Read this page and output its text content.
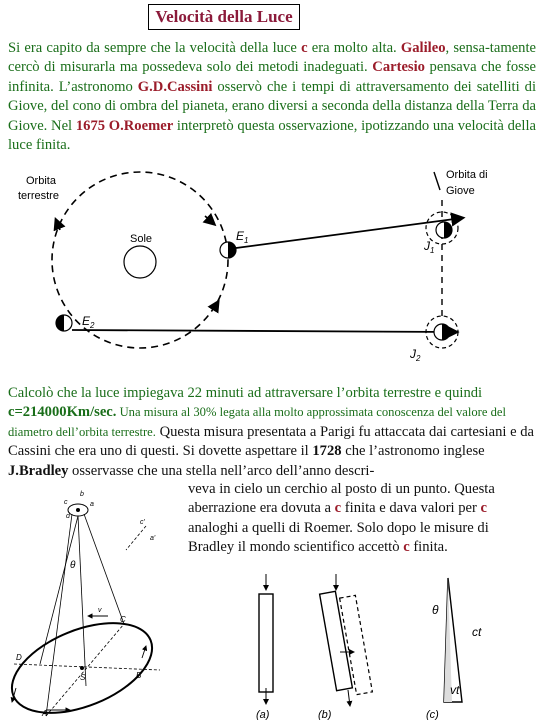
Velocità della Luce
Si era capito da sempre che la velocità della luce c era molto alta. Galileo, sensa-tamente cercò di misurarla ma possedeva solo dei metodi inadeguati. Cartesio pensava che fosse infinita. L’astronomo G.D.Cassini osservò che i tempi di attraversamento dei satelliti di Giove, del cono di ombra del pianeta, erano diversi a seconda della distanza della Terra da Giove. Nel 1675 O.Roemer interpretò questa osservazione, ipotizzando una velocità della luce finita.
Sole
Orbita
terrestre
$E_1$
$E_2$
Orbita di
Giove
$J_1$
$J_2$
Calcolò che la luce impiegava 22 minuti ad attraversare l’orbita terrestre e quindi c=214000Km/sec. Una misura al 30% legata alla molto approssimata conoscenza del valore del diametro dell’orbita terrestre. Questa misura presentata a Parigi fu attaccata dai cartesiani e da Cassini che era uno di questi. Si dovette aspettare il 1728 che l’astronomo inglese J.Bradley osservasse che una stella nell’arco dell’anno descri-
veva in cielo un cerchio al posto di un punto. Questa aberrazione era dovuta a c finita e dava valori per c analoghi a quelli di Roemer. Solo dopo le misure di Bradley il mondo scientifico accettò c finita.
b
c	a
d
θ
c'
a'
S
A
B
C
D
v
(a)	(b)
θ
ct
vt
(c)
